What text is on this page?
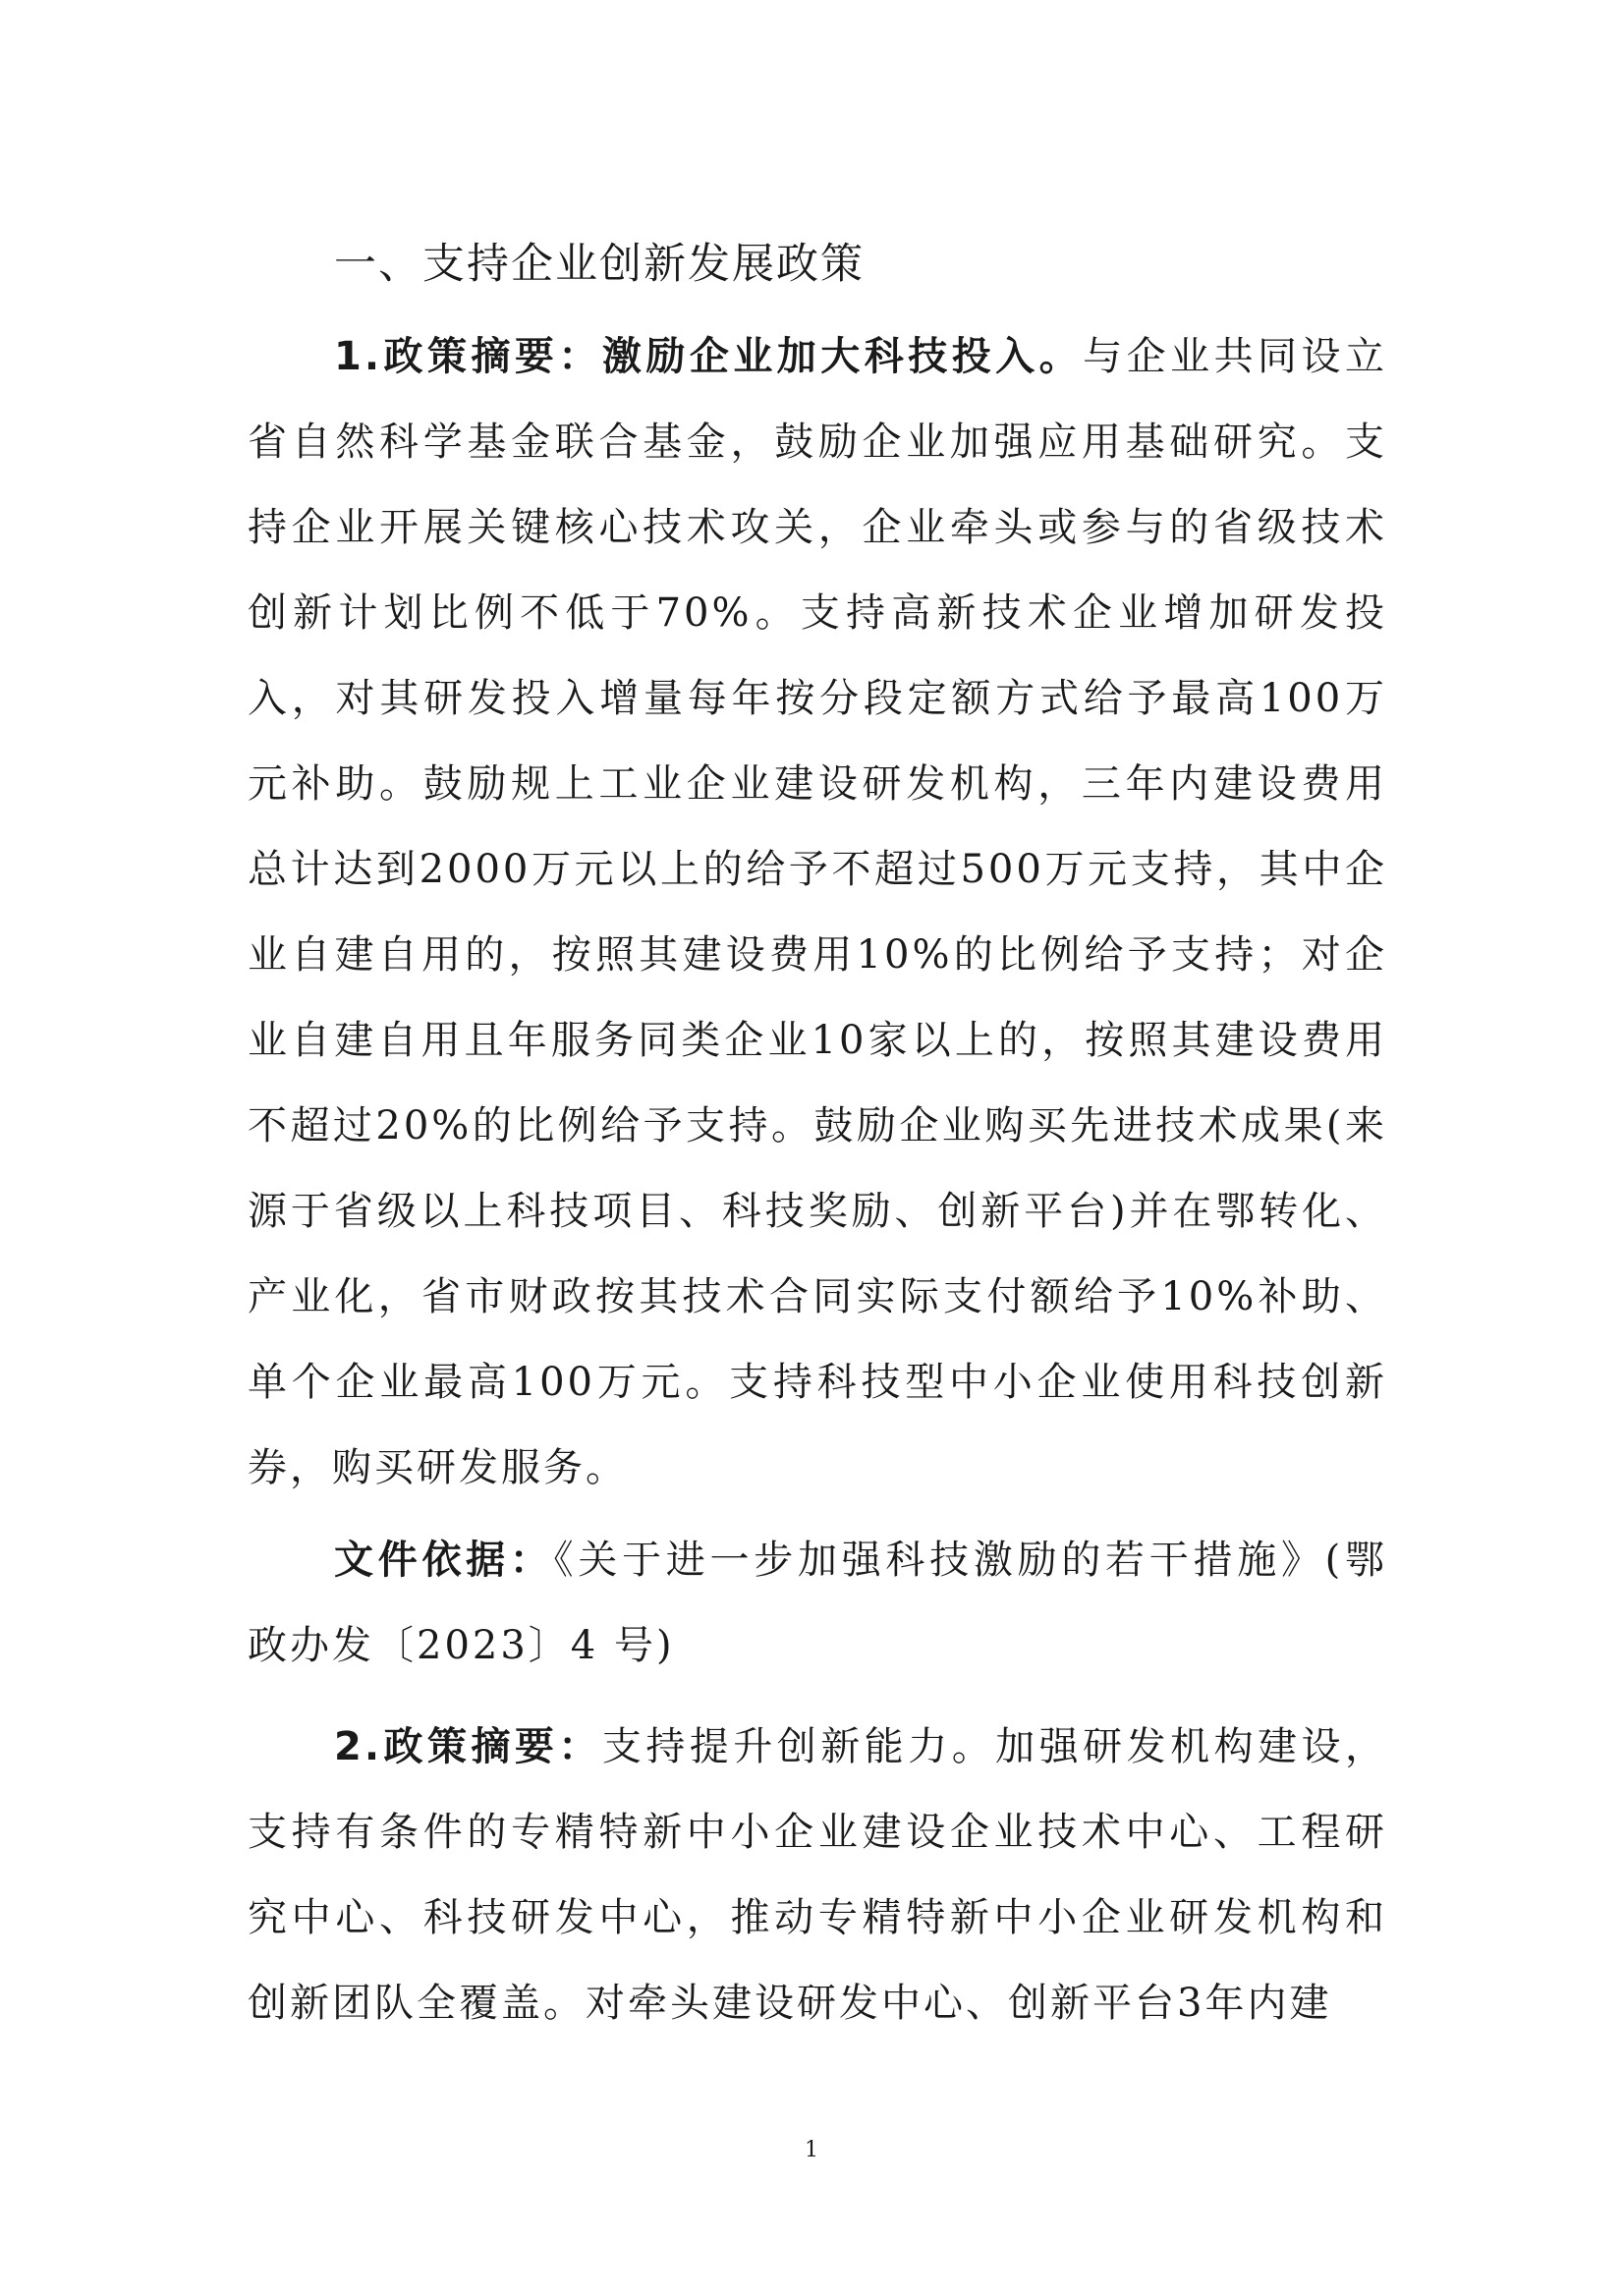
一、支持企业创新发展政策

1.政策摘要：激励企业加大科技投入。与企业共同设立省自然科学基金联合基金，鼓励企业加强应用基础研究。支持企业开展关键核心技术攻关，企业牵头或参与的省级技术创新计划比例不低于70%。支持高新技术企业增加研发投入，对其研发投入增量每年按分段定额方式给予最高100万元补助。鼓励规上工业企业建设研发机构，三年内建设费用总计达到2000万元以上的给予不超过500万元支持，其中企业自建自用的，按照其建设费用10%的比例给予支持；对企业自建自用且年服务同类企业10家以上的，按照其建设费用不超过20%的比例给予支持。鼓励企业购买先进技术成果(来源于省级以上科技项目、科技奖励、创新平台)并在鄂转化、产业化，省市财政按其技术合同实际支付额给予10%补助、单个企业最高100万元。支持科技型中小企业使用科技创新券，购买研发服务。

文件依据：《关于进一步加强科技激励的若干措施》(鄂政办发〔2023〕4 号)

2.政策摘要：支持提升创新能力。加强研发机构建设，支持有条件的专精特新中小企业建设企业技术中心、工程研究中心、科技研发中心，推动专精特新中小企业研发机构和创新团队全覆盖。对牵头建设研发中心、创新平台3年内建

1
